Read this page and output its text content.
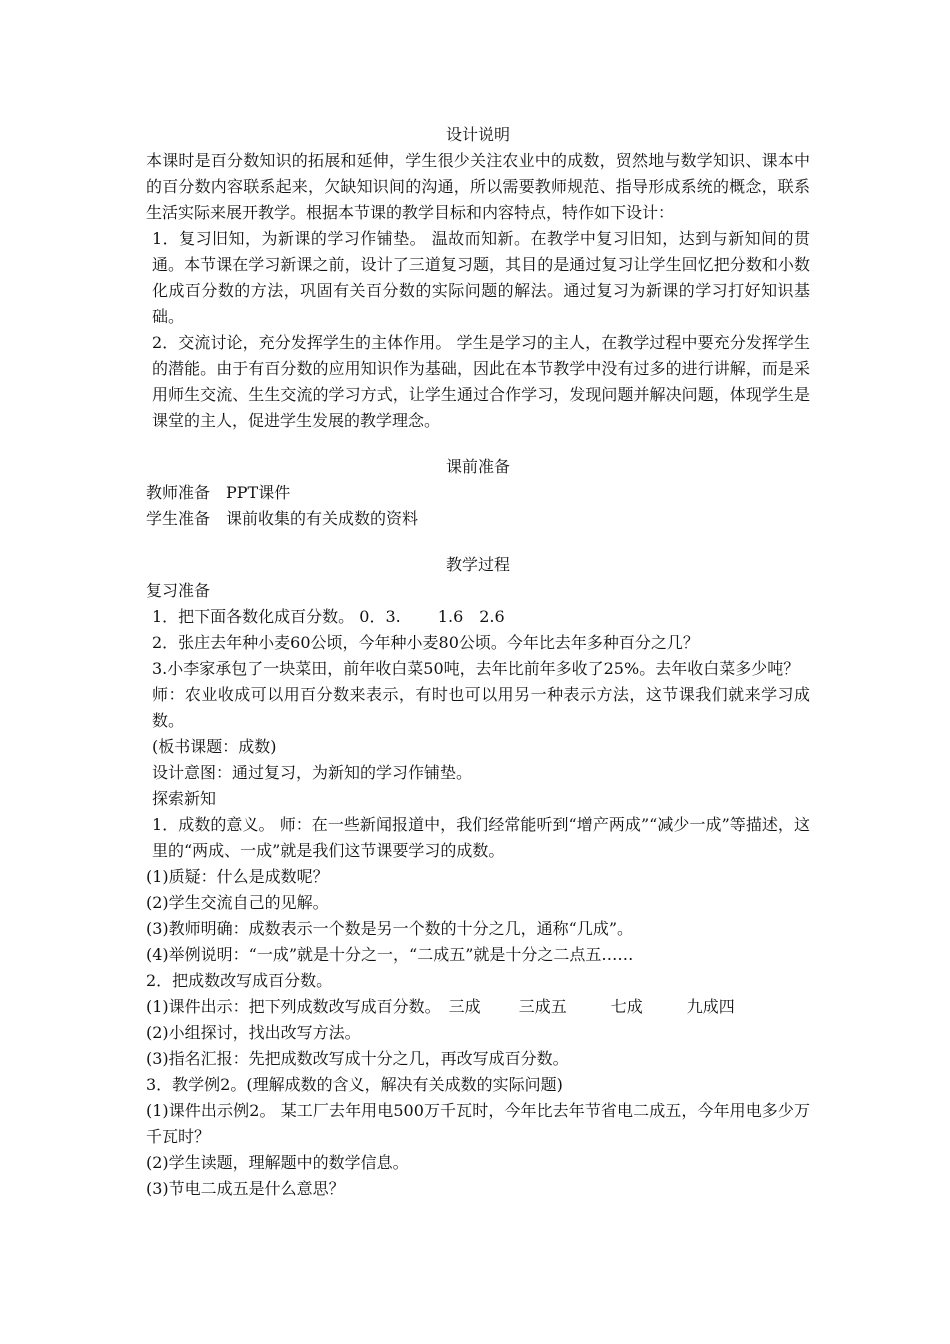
设计说明

本课时是百分数知识的拓展和延伸，学生很少关注农业中的成数，贸然地与数学知识、课本中的百分数内容联系起来，欠缺知识间的沟通，所以需要教师规范、指导形成系统的概念，联系生活实际来展开教学。根据本节课的教学目标和内容特点，特作如下设计：

1．复习旧知，为新课的学习作铺垫。 温故而知新。在教学中复习旧知，达到与新知间的贯通。本节课在学习新课之前，设计了三道复习题，其目的是通过复习让学生回忆把分数和小数化成百分数的方法，巩固有关百分数的实际问题的解法。通过复习为新课的学习打好知识基础。

2．交流讨论，充分发挥学生的主体作用。 学生是学习的主人，在教学过程中要充分发挥学生的潜能。由于有百分数的应用知识作为基础，因此在本节教学中没有过多的进行讲解，而是采用师生交流、生生交流的学习方式，让学生通过合作学习，发现问题并解决问题，体现学生是课堂的主人，促进学生发展的教学理念。

课前准备

教师准备　PPT课件

学生准备　课前收集的有关成数的资料

教学过程

复习准备

1．把下面各数化成百分数。 0．3.　　 1.6　2.6

2．张庄去年种小麦60公顷，今年种小麦80公顷。今年比去年多种百分之几？

3.小李家承包了一块菜田，前年收白菜50吨，去年比前年多收了25%。去年收白菜多少吨？

师：农业收成可以用百分数来表示，有时也可以用另一种表示方法，这节课我们就来学习成数。

(板书课题：成数)

设计意图：通过复习，为新知的学习作铺垫。

探索新知

1．成数的意义。 师：在一些新闻报道中，我们经常能听到“增产两成”“减少一成”等描述，这里的“两成、一成”就是我们这节课要学习的成数。

(1)质疑：什么是成数呢？

(2)学生交流自己的见解。

(3)教师明确：成数表示一个数是另一个数的十分之几，通称“几成”。

(4)举例说明：“一成”就是十分之一，“二成五”就是十分之二点五……

2．把成数改写成百分数。

(1)课件出示：把下列成数改写成百分数。 三成 三成五	七成	九成四

(2)小组探讨，找出改写方法。

(3)指名汇报：先把成数改写成十分之几，再改写成百分数。

3．教学例2。(理解成数的含义，解决有关成数的实际问题)

(1)课件出示例2。 某工厂去年用电500万千瓦时，今年比去年节省电二成五，今年用电多少万千瓦时？

(2)学生读题，理解题中的数学信息。

(3)节电二成五是什么意思？
